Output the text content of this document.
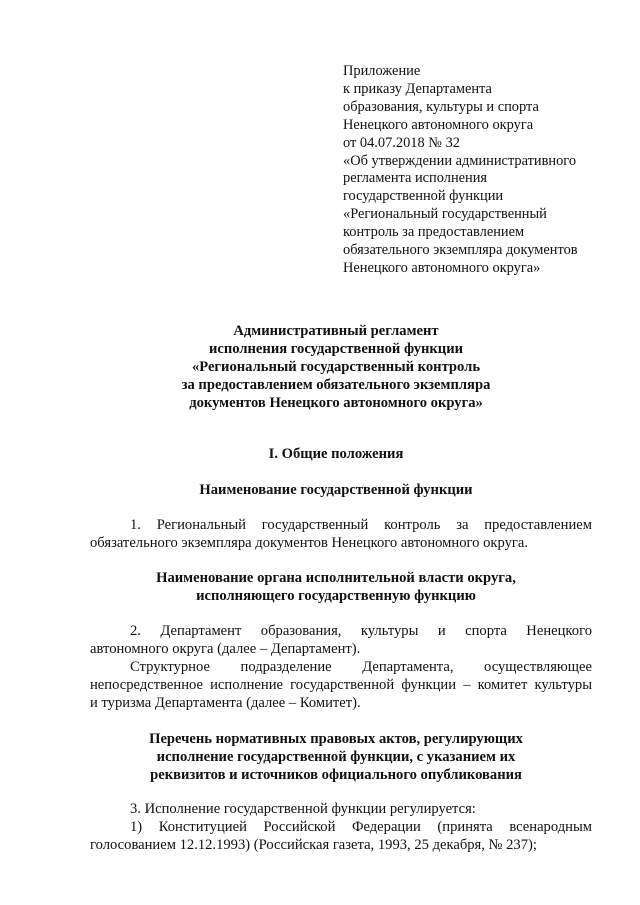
Приложение
к приказу Департамента
образования, культуры и спорта
Ненецкого автономного округа
от 04.07.2018 № 32
«Об утверждении административного
регламента исполнения
государственной функции
«Региональный государственный
контроль за предоставлением
обязательного экземпляра документов
Ненецкого автономного округа»
Административный регламент
исполнения государственной функции
«Региональный государственный контроль
за предоставлением обязательного экземпляра
документов Ненецкого автономного округа»
I. Общие положения
Наименование государственной функции
1. Региональный государственный контроль за предоставлением
обязательного экземпляра документов Ненецкого автономного округа.
Наименование органа исполнительной власти округа,
исполняющего государственную функцию
2. Департамент образования, культуры и спорта Ненецкого
автономного округа (далее – Департамент).
Структурное подразделение Департамента, осуществляющее
непосредственное исполнение государственной функции – комитет культуры
и туризма Департамента (далее – Комитет).
Перечень нормативных правовых актов, регулирующих
исполнение государственной функции, с указанием их
реквизитов и источников официального опубликования
3. Исполнение государственной функции регулируется:
1) Конституцией Российской Федерации (принята всенародным
голосованием 12.12.1993) (Российская газета, 1993, 25 декабря, № 237);
